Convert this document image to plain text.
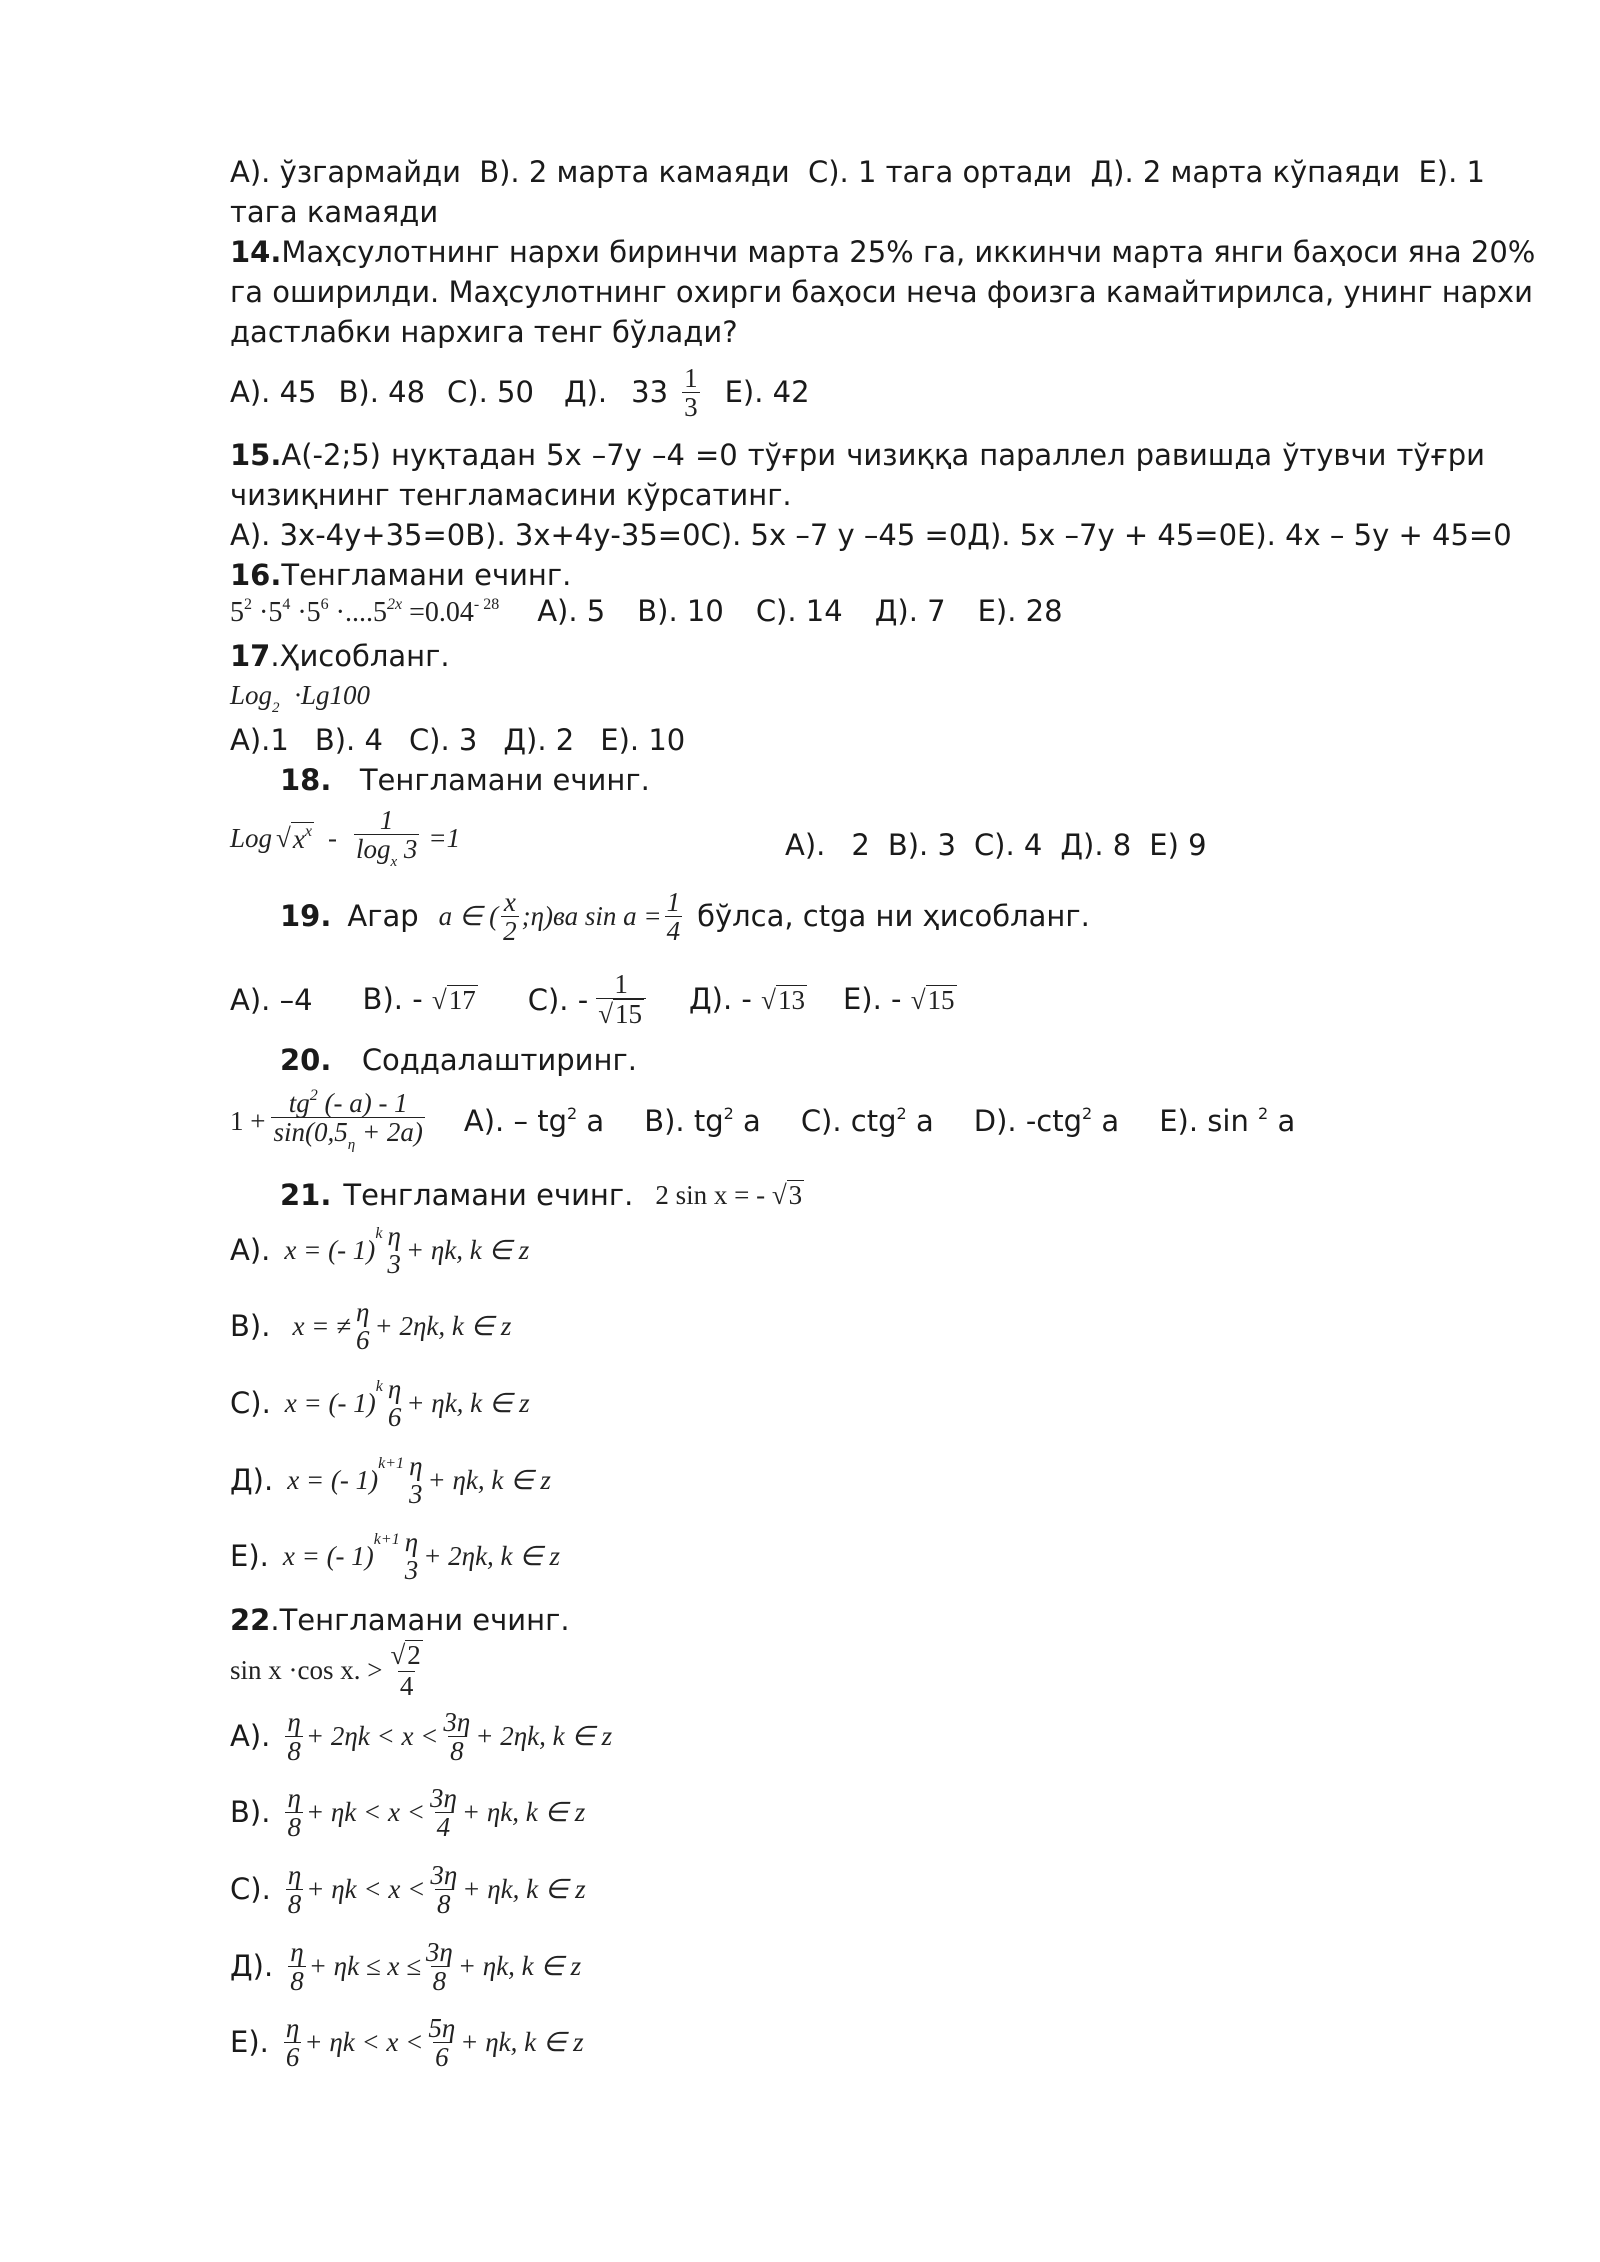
А). ўзгармайди В). 2 марта камаяди С). 1 тага ортади Д). 2 марта кўпаяди Е). 1
тага камаяди
14.Маҳсулотнинг нархи биринчи марта 25% га, иккинчи марта янги баҳоси яна 20%
га оширилди. Маҳсулотнинг охирги баҳоси неча фоизга камайтирилса, унинг нархи
дастлабки нархига тенг бўлади?
А). 45 В). 48 С). 50 Д). $33 \frac{1}{3} Е$). 42
15.А(-2;5) нуқтадан 5х –7у –4 =0 тўғри чизиққа параллел равишда ўтувчи тўғри
чизиқнинг тенгламасини кўрсатинг.
А). 3х-4у+35=0 В). 3х+4у-35=0 С). 5х –7 у –45 =0 Д). 5х –7у + 45=0 Е). 4х – 5у + 45=0
16.Тенгламани ечинг.
$5^2 \cdot 5^4 \cdot 5^6 \cdot....5^{2x} =0.04^{- 28}$ А). 5 В). 10 С). 14 Д). 7 Е). 28
17.Ҳисобланг.
Log$_2$ ·Lg100
А).1 В). 4 С). 3 Д). 2 Е). 10
18. Тенгламани ечинг.
Log √ $x^x - \frac{1}{\log_x 3} =1$	А). 2 В). 3 С). 4 Д). 8 Е) 9
19. Агар a ∈ ( $\frac{x}{2}$ ;η)ва $\sin a = \frac{1}{4}$ бўлса, ctga ни ҳисобланг.
А). –4 В). - √17 С). - $\frac{1}{√15} Д$). - √13 Е). - √15
20. Соддалаштиринг.
$1 + \frac{tg^2 (- a) - 1}{\sin(0,5_\eta + 2a)} А$). – $tg^2$ a В). $tg^2$ a С). ctg$^2$ a D). -ctg$^2$ a Е). sin $^2$ a
21. Тенгламани ечинг. 2 sin x = - √3
А). x = (- 1)
k η
3 + ηk, k ∈ z
В). x = ≠ η
6 + 2ηk, k ∈ z
С). x = (- 1)
k η
6 + ηk, k ∈ z
Д). x = (- 1)
k+1 η
3 + ηk, k ∈ z
Е). x = (- 1)
k+1 η
3 + 2ηk, k ∈ z
22.Тенгламани ечинг.
sin x ·cos x. > $\frac{√2}{4}$
А). $\frac{\eta}{8} + 2\eta k < x < \frac{3\eta}{8} + 2\eta k$, k ∈ z
В). $\frac{\eta}{8} + \eta k < x < \frac{3\eta}{4} + \eta k$, k ∈ z
С). $\frac{\eta}{8} + \eta k < x < \frac{3\eta}{8} + \eta k$, k ∈ z
Д). $\frac{\eta}{8} + \eta k \le x \le \frac{3\eta}{8} + \eta k$, k ∈ z
Е). $\frac{\eta}{6} + \eta k < x < \frac{5\eta}{6} + \eta k$, k ∈ z
